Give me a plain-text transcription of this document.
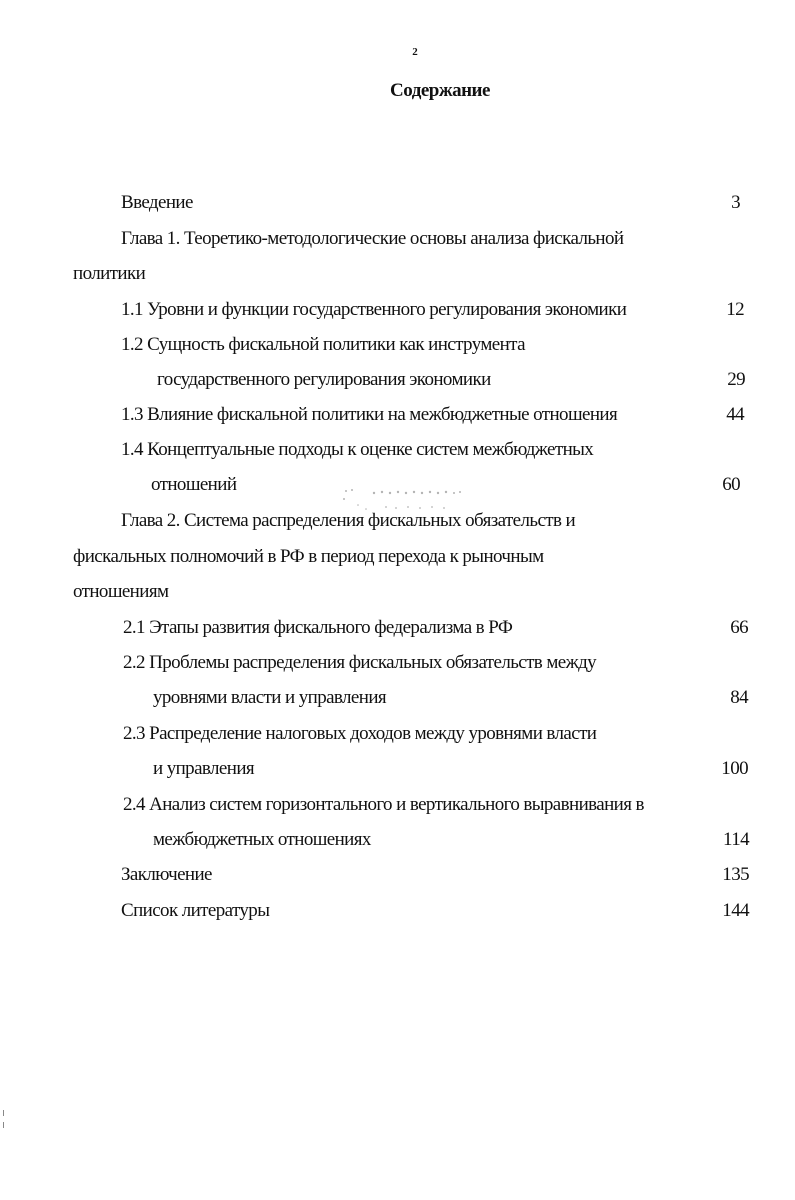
2
Содержание
Введение	3
Глава 1. Теоретико-методологические основы анализа фискальной
политики
1.1 Уровни и функции государственного регулирования экономики	12
1.2 Сущность фискальной политики как инструмента
государственного регулирования экономики	29
1.3 Влияние фискальной политики на межбюджетные отношения	44
1.4 Концептуальные подходы к оценке систем межбюджетных
отношений	60
Глава 2. Система распределения фискальных обязательств и
фискальных полномочий в РФ в период перехода к рыночным
отношениям
2.1 Этапы развития фискального федерализма в РФ	66
2.2 Проблемы распределения фискальных обязательств между
уровнями власти и управления	84
2.3 Распределение налоговых доходов между уровнями власти
и управления	100
2.4 Анализ систем горизонтального и вертикального выравнивания в
межбюджетных отношениях	114
Заключение	135
Список литературы	144
